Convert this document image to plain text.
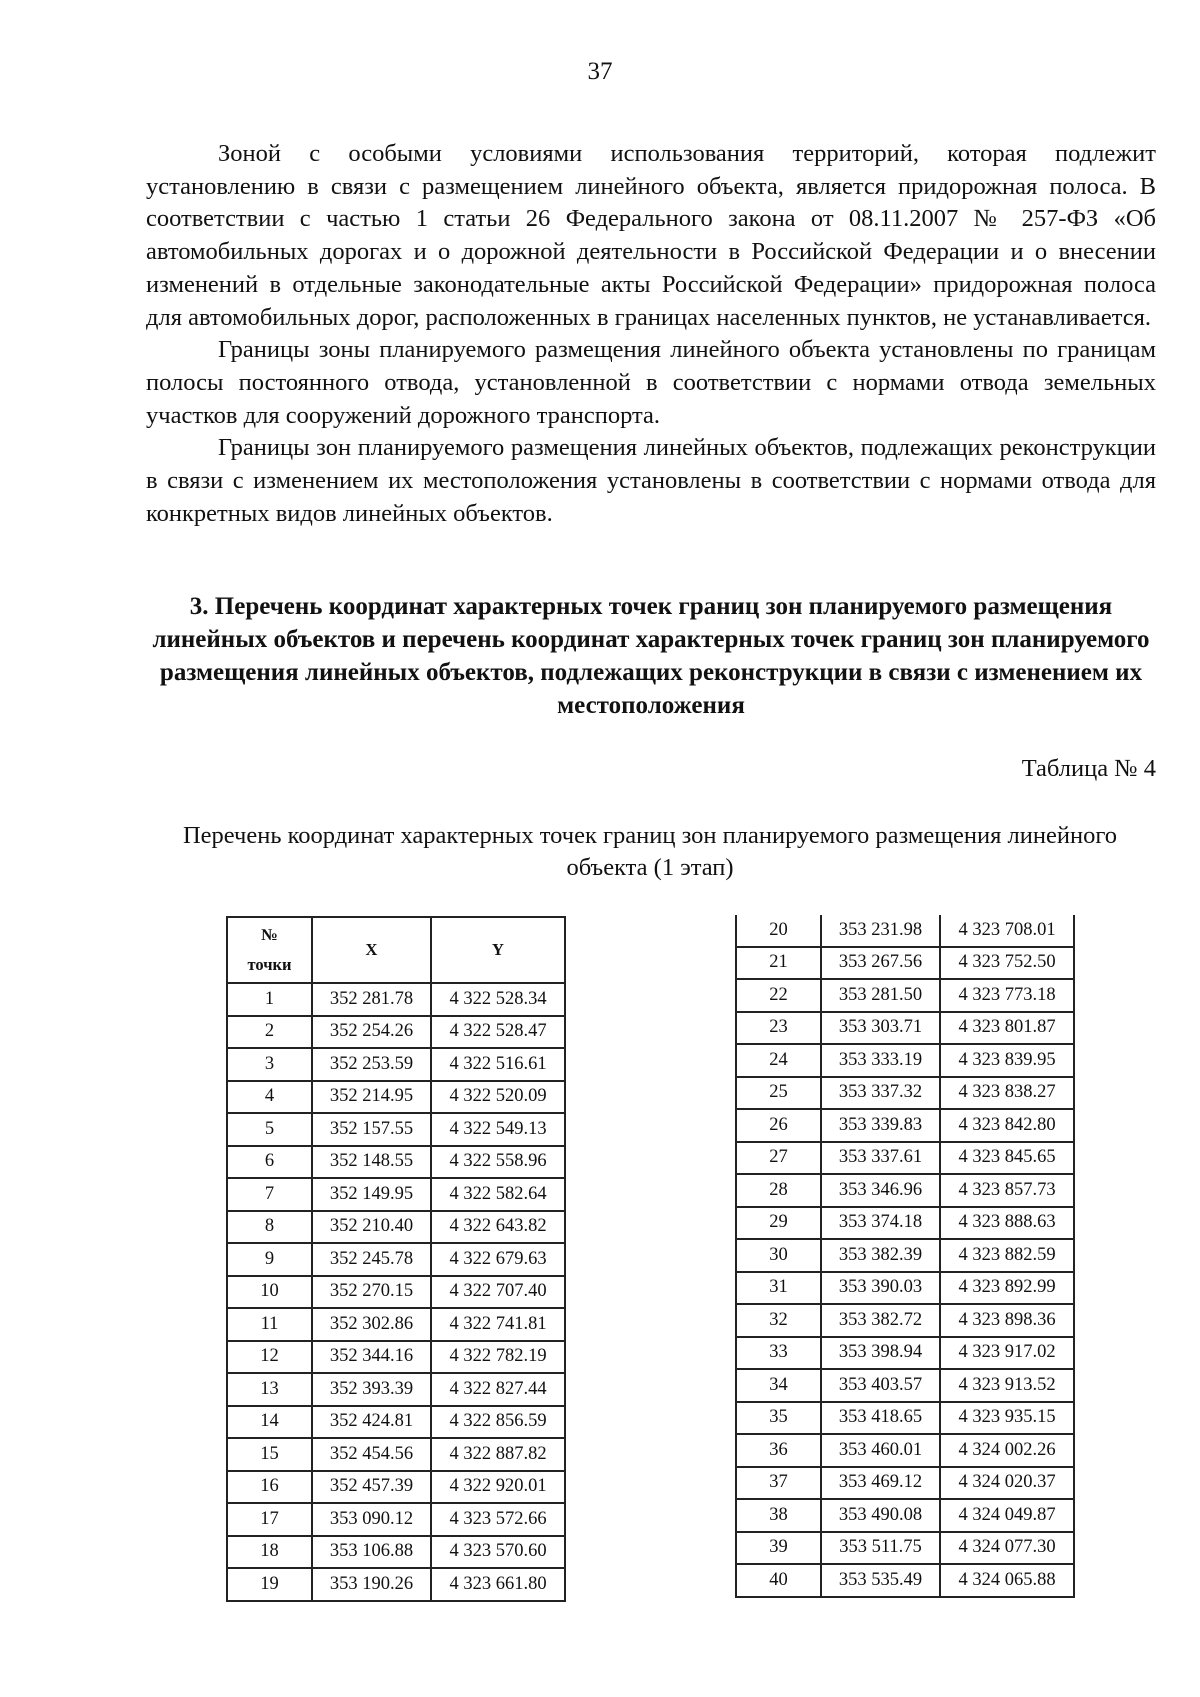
37

Зоной с особыми условиями использования территорий, которая подлежит установлению в связи с размещением линейного объекта, является придорожная полоса. В соответствии с частью 1 статьи 26 Федерального закона от 08.11.2007 № 257-ФЗ «Об автомобильных дорогах и о дорожной деятельности в Российской Федерации и о внесении изменений в отдельные законодательные акты Российской Федерации» придорожная полоса для автомобильных дорог, расположенных в границах населенных пунктов, не устанавливается.

Границы зоны планируемого размещения линейного объекта установлены по границам полосы постоянного отвода, установленной в соответствии с нормами отвода земельных участков для сооружений дорожного транспорта.

Границы зон планируемого размещения линейных объектов, подлежащих реконструкции в связи с изменением их местоположения установлены в соответствии с нормами отвода для конкретных видов линейных объектов.

3. Перечень координат характерных точек границ зон планируемого размещения линейных объектов и перечень координат характерных точек границ зон планируемого размещения линейных объектов, подлежащих реконструкции в связи с изменением их местоположения
Таблица № 4
Перечень координат характерных точек границ зон планируемого размещения линейного объекта (1 этап)
№
точки	X	Y
1	352 281.78	4 322 528.34
2	352 254.26	4 322 528.47
3	352 253.59	4 322 516.61
4	352 214.95	4 322 520.09
5	352 157.55	4 322 549.13
6	352 148.55	4 322 558.96
7	352 149.95	4 322 582.64
8	352 210.40	4 322 643.82
9	352 245.78	4 322 679.63
10	352 270.15	4 322 707.40
11	352 302.86	4 322 741.81
12	352 344.16	4 322 782.19
13	352 393.39	4 322 827.44
14	352 424.81	4 322 856.59
15	352 454.56	4 322 887.82
16	352 457.39	4 322 920.01
17	353 090.12	4 323 572.66
18	353 106.88	4 323 570.60
19	353 190.26	4 323 661.80
20	353 231.98	4 323 708.01
21	353 267.56	4 323 752.50
22	353 281.50	4 323 773.18
23	353 303.71	4 323 801.87
24	353 333.19	4 323 839.95
25	353 337.32	4 323 838.27
26	353 339.83	4 323 842.80
27	353 337.61	4 323 845.65
28	353 346.96	4 323 857.73
29	353 374.18	4 323 888.63
30	353 382.39	4 323 882.59
31	353 390.03	4 323 892.99
32	353 382.72	4 323 898.36
33	353 398.94	4 323 917.02
34	353 403.57	4 323 913.52
35	353 418.65	4 323 935.15
36	353 460.01	4 324 002.26
37	353 469.12	4 324 020.37
38	353 490.08	4 324 049.87
39	353 511.75	4 324 077.30
40	353 535.49	4 324 065.88
